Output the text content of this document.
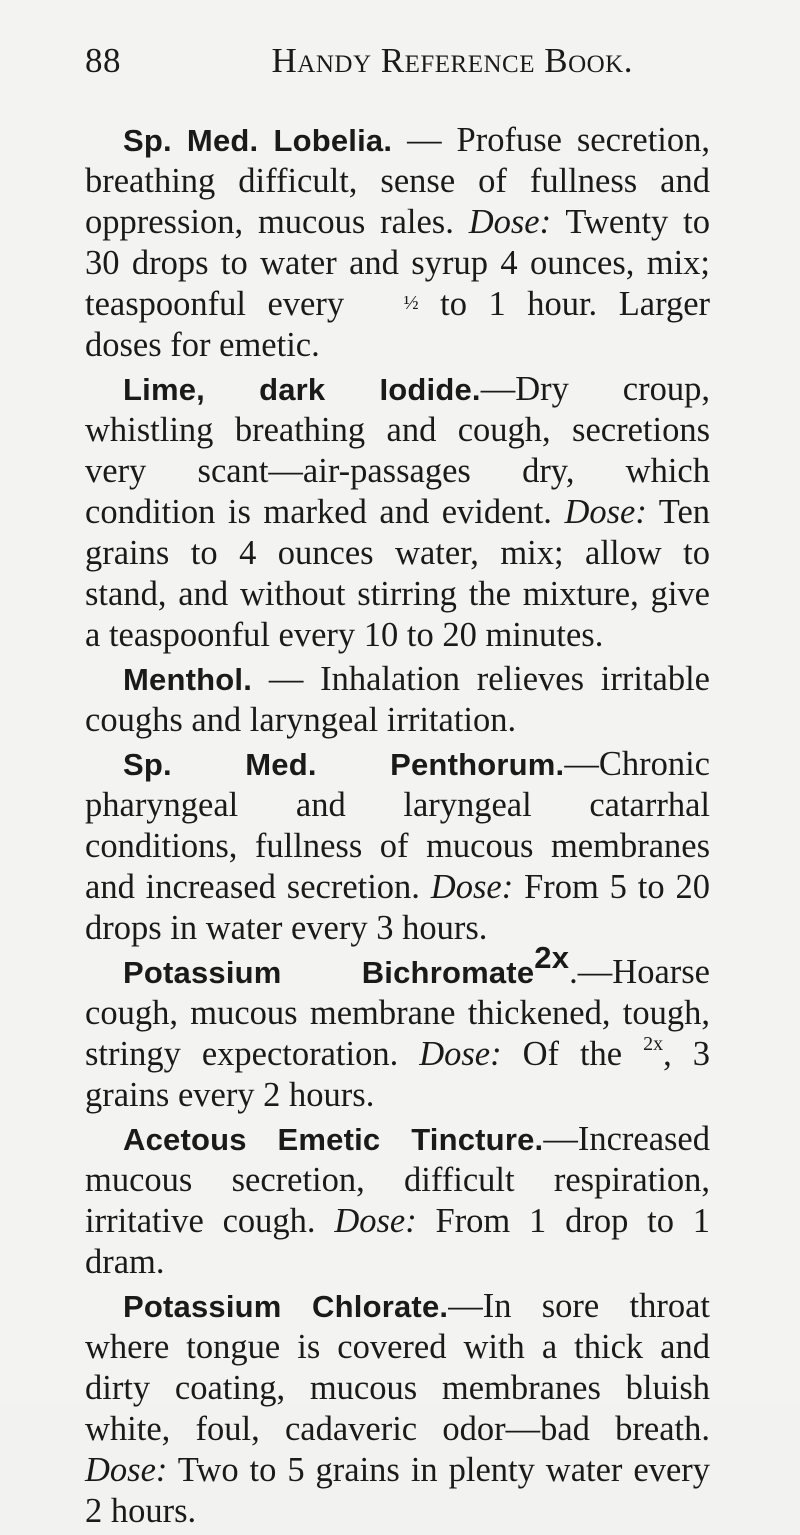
88	Handy Reference Book.

Sp. Med. Lobelia. — Profuse secretion, breathing difficult, sense of fullness and oppression, mucous rales. Dose: Twenty to 30 drops to water and syrup 4 ounces, mix; teaspoonful every ½ to 1 hour. Larger doses for emetic.

Lime, dark Iodide.—Dry croup, whistling breathing and cough, secretions very scant—air-passages dry, which condition is marked and evident. Dose: Ten grains to 4 ounces water, mix; allow to stand, and without stirring the mixture, give a teaspoonful every 10 to 20 minutes.

Menthol. — Inhalation relieves irritable coughs and laryngeal irritation.

Sp. Med. Penthorum.—Chronic pharyngeal and laryngeal catarrhal conditions, fullness of mucous membranes and increased secretion. Dose: From 5 to 20 drops in water every 3 hours.

Potassium Bichromate$^{2x}$.—Hoarse cough, mucous membrane thickened, tough, stringy expectoration. Dose: Of the $^{2x}$, 3 grains every 2 hours.

Acetous Emetic Tincture.—Increased mucous secretion, difficult respiration, irritative cough. Dose: From 1 drop to 1 dram.

Potassium Chlorate.—In sore throat where tongue is covered with a thick and dirty coating, mucous membranes bluish white, foul, cadaveric odor—bad breath. Dose: Two to 5 grains in plenty water every 2 hours.
